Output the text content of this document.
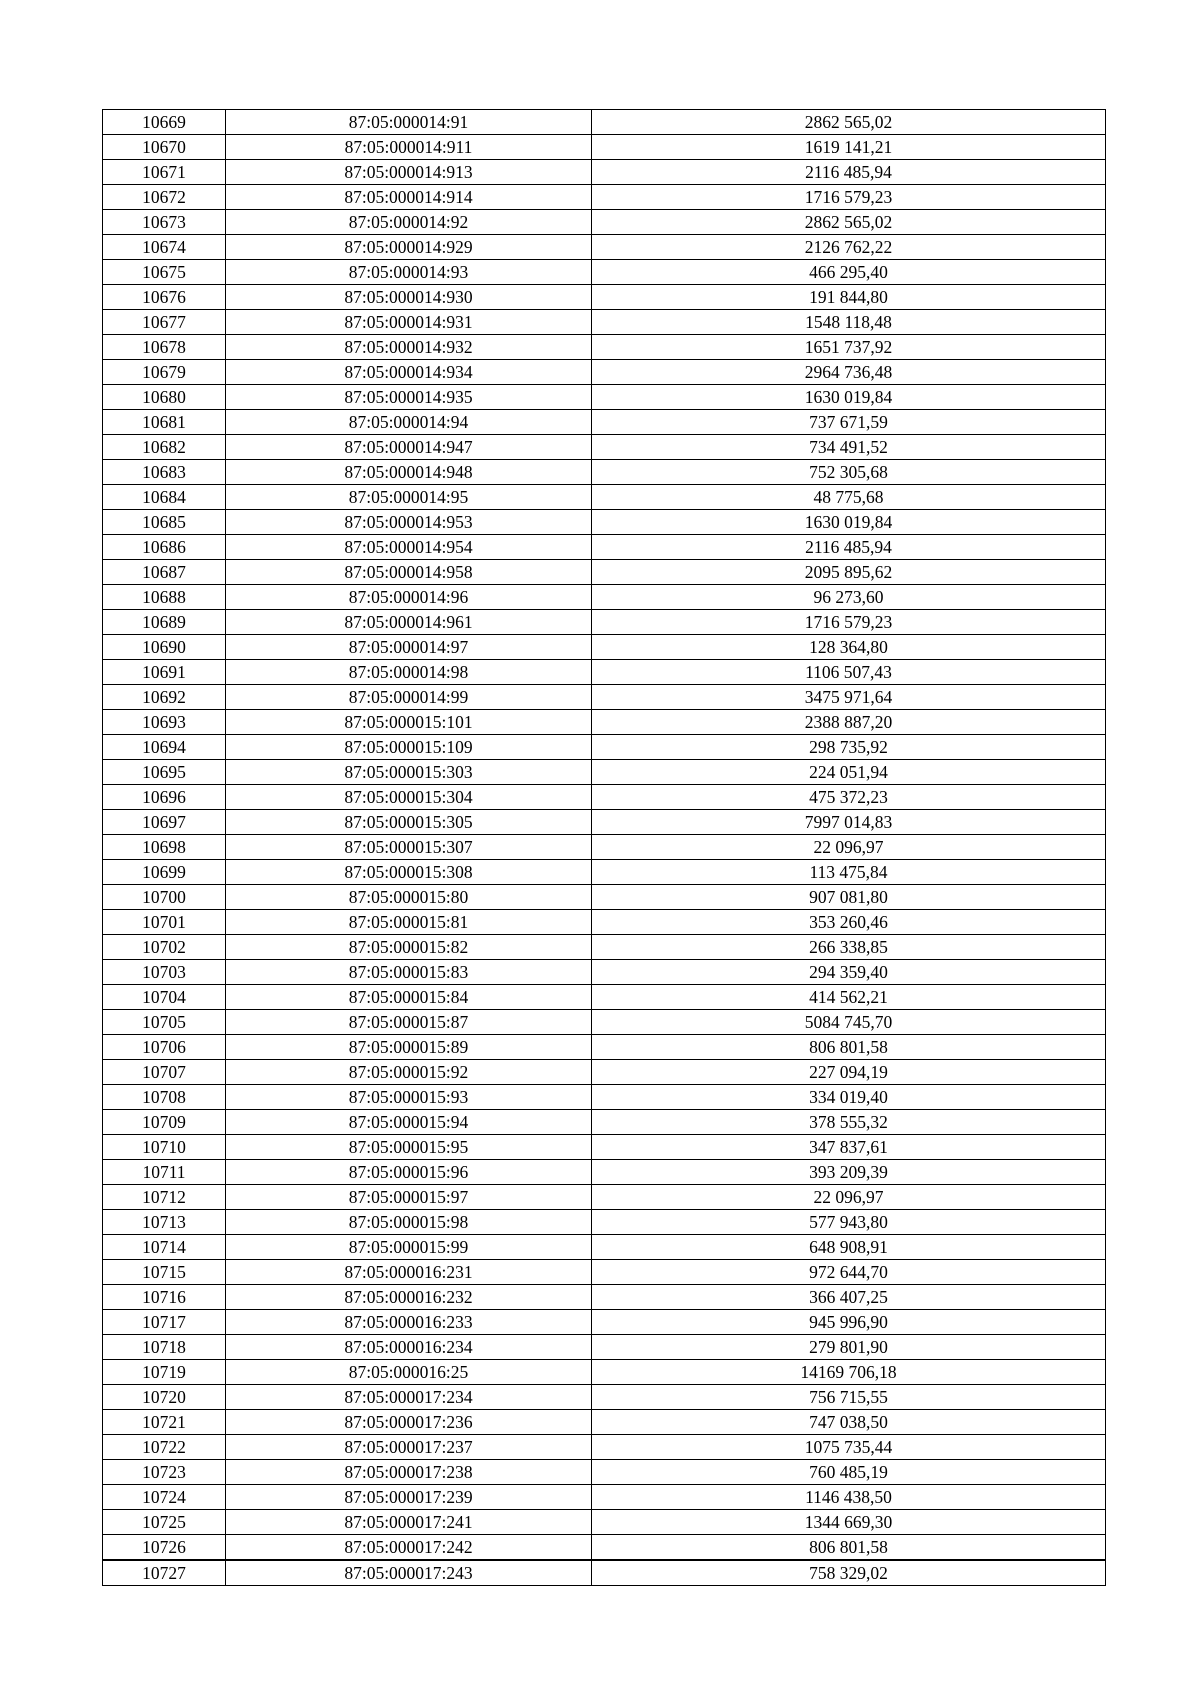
10669	87:05:000014:91	2862 565,02
10670	87:05:000014:911	1619 141,21
10671	87:05:000014:913	2116 485,94
10672	87:05:000014:914	1716 579,23
10673	87:05:000014:92	2862 565,02
10674	87:05:000014:929	2126 762,22
10675	87:05:000014:93	466 295,40
10676	87:05:000014:930	191 844,80
10677	87:05:000014:931	1548 118,48
10678	87:05:000014:932	1651 737,92
10679	87:05:000014:934	2964 736,48
10680	87:05:000014:935	1630 019,84
10681	87:05:000014:94	737 671,59
10682	87:05:000014:947	734 491,52
10683	87:05:000014:948	752 305,68
10684	87:05:000014:95	48 775,68
10685	87:05:000014:953	1630 019,84
10686	87:05:000014:954	2116 485,94
10687	87:05:000014:958	2095 895,62
10688	87:05:000014:96	96 273,60
10689	87:05:000014:961	1716 579,23
10690	87:05:000014:97	128 364,80
10691	87:05:000014:98	1106 507,43
10692	87:05:000014:99	3475 971,64
10693	87:05:000015:101	2388 887,20
10694	87:05:000015:109	298 735,92
10695	87:05:000015:303	224 051,94
10696	87:05:000015:304	475 372,23
10697	87:05:000015:305	7997 014,83
10698	87:05:000015:307	22 096,97
10699	87:05:000015:308	113 475,84
10700	87:05:000015:80	907 081,80
10701	87:05:000015:81	353 260,46
10702	87:05:000015:82	266 338,85
10703	87:05:000015:83	294 359,40
10704	87:05:000015:84	414 562,21
10705	87:05:000015:87	5084 745,70
10706	87:05:000015:89	806 801,58
10707	87:05:000015:92	227 094,19
10708	87:05:000015:93	334 019,40
10709	87:05:000015:94	378 555,32
10710	87:05:000015:95	347 837,61
10711	87:05:000015:96	393 209,39
10712	87:05:000015:97	22 096,97
10713	87:05:000015:98	577 943,80
10714	87:05:000015:99	648 908,91
10715	87:05:000016:231	972 644,70
10716	87:05:000016:232	366 407,25
10717	87:05:000016:233	945 996,90
10718	87:05:000016:234	279 801,90
10719	87:05:000016:25	14169 706,18
10720	87:05:000017:234	756 715,55
10721	87:05:000017:236	747 038,50
10722	87:05:000017:237	1075 735,44
10723	87:05:000017:238	760 485,19
10724	87:05:000017:239	1146 438,50
10725	87:05:000017:241	1344 669,30
10726	87:05:000017:242	806 801,58
10727	87:05:000017:243	758 329,02
